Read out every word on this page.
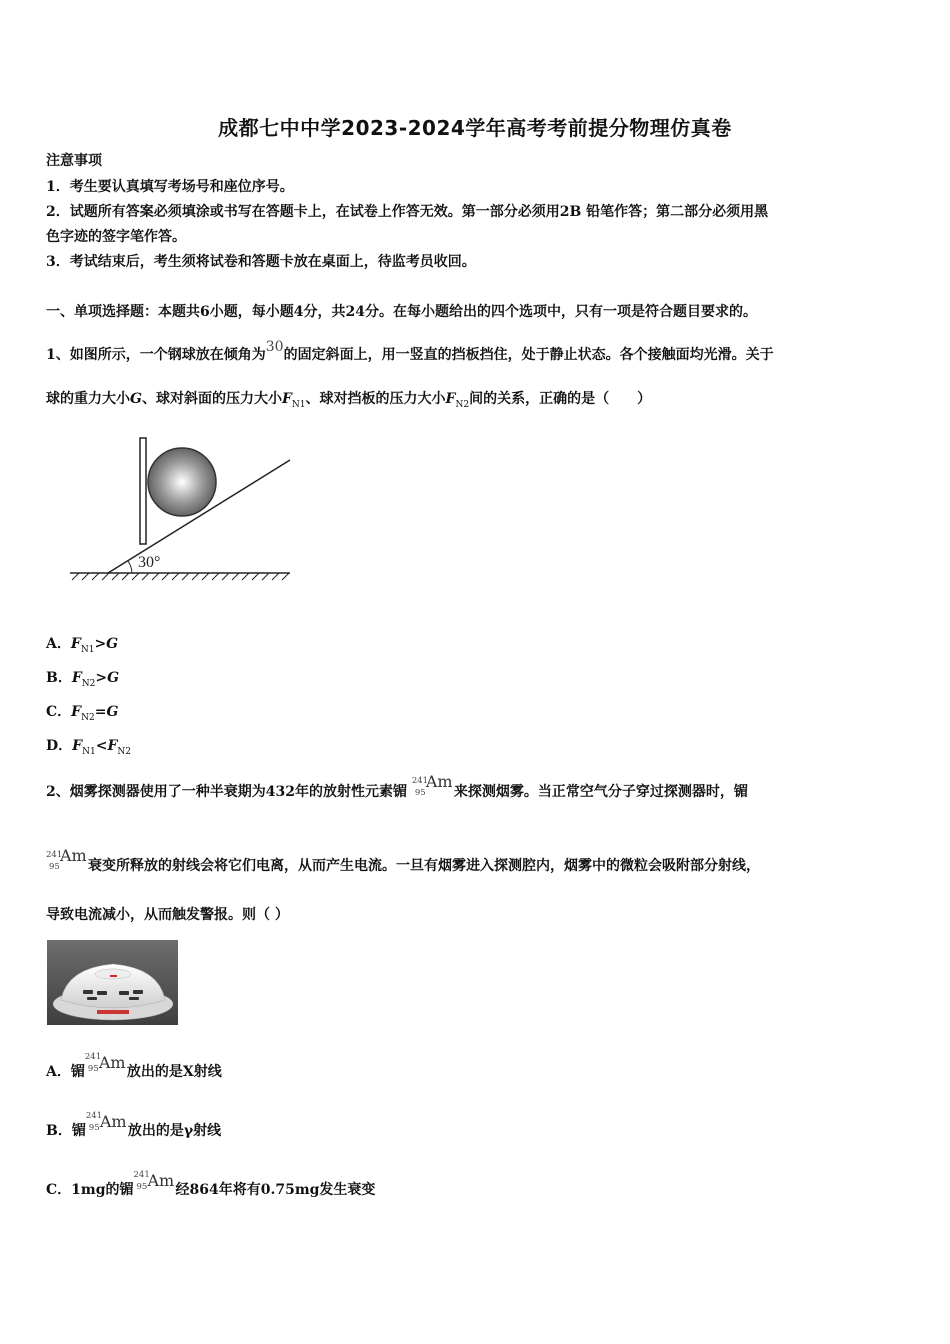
成都七中中学2023-2024学年高考考前提分物理仿真卷
注意事项
1．考生要认真填写考场号和座位序号。
2．试题所有答案必须填涂或书写在答题卡上，在试卷上作答无效。第一部分必须用2B 铅笔作答；第二部分必须用黑
色字迹的签字笔作答。
3．考试结束后，考生须将试卷和答题卡放在桌面上，待监考员收回。
一、单项选择题：本题共6小题，每小题4分，共24分。在每小题给出的四个选项中，只有一项是符合题目要求的。
1、如图所示，一个钢球放在倾角为30的固定斜面上，用一竖直的挡板挡住，处于静止状态。各个接触面均光滑。关于
球的重力大小G、球对斜面的压力大小$F_{N1}$、球对挡板的压力大小$F_{N2}$间的关系，正确的是（　　）
30°
A．$F_{N1}>G$
B．$F_{N2}>G$
C．$F_{N2}=G$
D．$F_{N1}<F_{N2}$
2、烟雾探测器使用了一种半衰期为432年的放射性元素镅
241
95
Am
来探测烟雾。当正常空气分子穿过探测器时，镅
241
95
Am
衰变所释放的射线会将它们电离，从而产生电流。一旦有烟雾进入探测腔内，烟雾中的微粒会吸附部分射线，
导致电流减小，从而触发警报。则（ ）
A．镅
241
95 Am 放出的是X射线
B．镅
241
95 Am 放出的是γ射线
C．1mg的镅
241
95 Am 经864年将有0.75mg发生衰变
